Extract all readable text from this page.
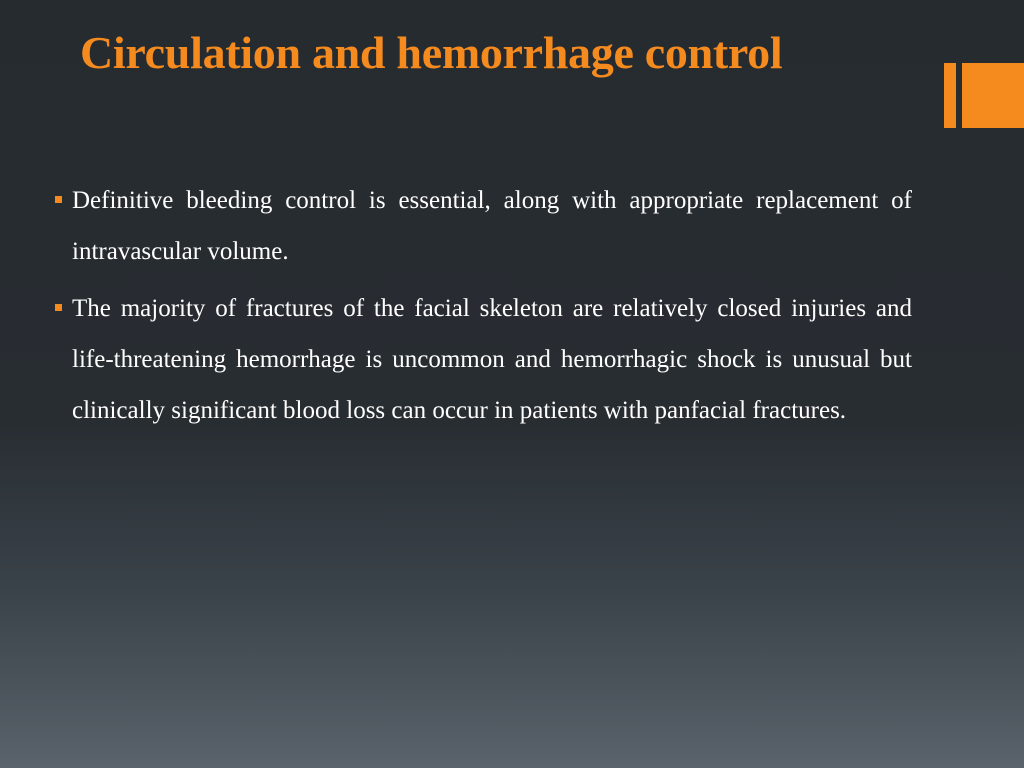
Circulation and hemorrhage control
Definitive bleeding control is essential, along with appropriate replacement of intravascular volume.
The majority of fractures of the facial skeleton are relatively closed injuries and life-threatening hemorrhage is uncommon and hemorrhagic shock is unusual but clinically significant blood loss can occur in patients with panfacial fractures.
